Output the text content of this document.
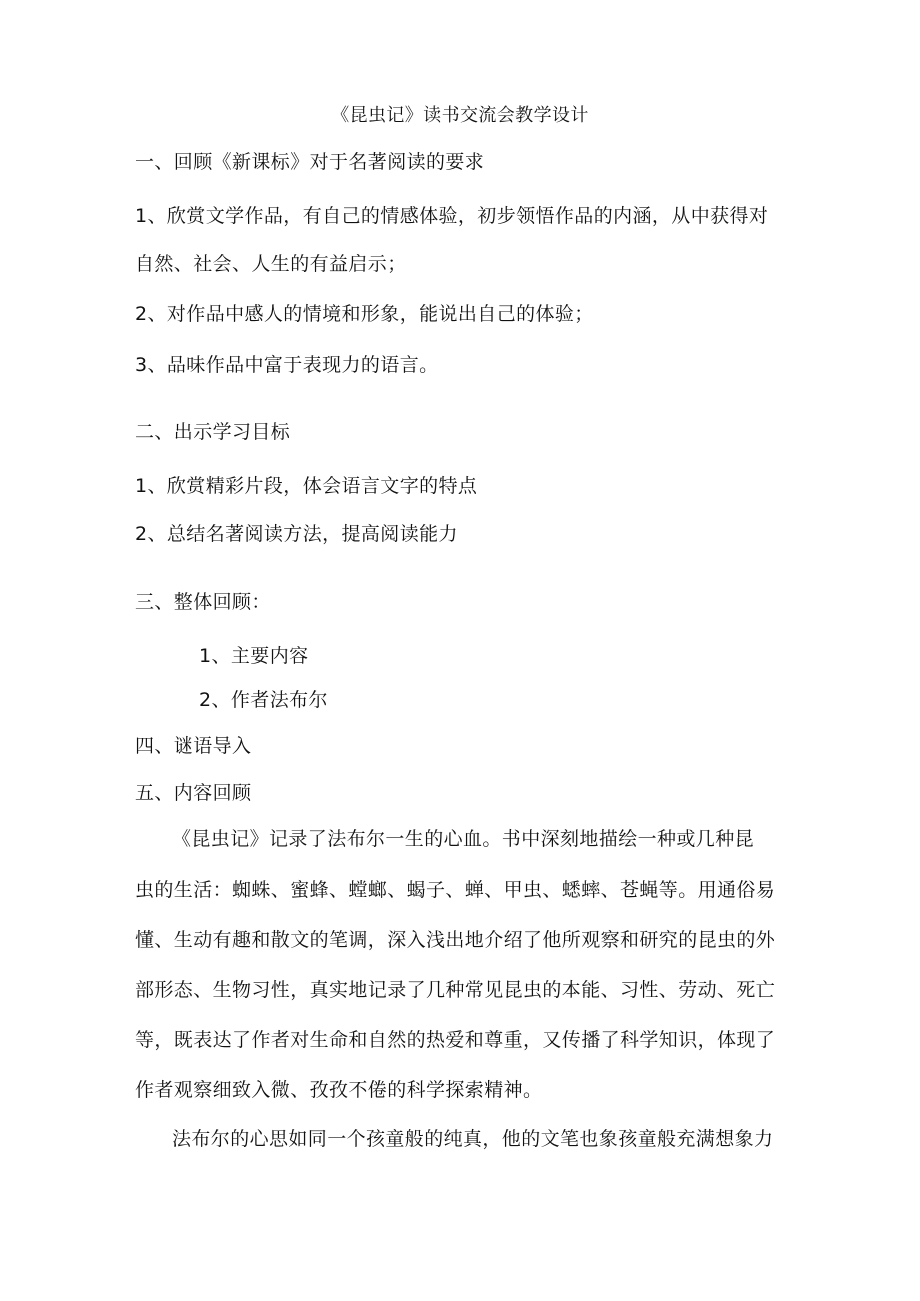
《昆虫记》读书交流会教学设计
一、回顾《新课标》对于名著阅读的要求
1、欣赏文学作品，有自己的情感体验，初步领悟作品的内涵，从中获得对
自然、社会、人生的有益启示；
2、对作品中感人的情境和形象，能说出自己的体验；
3、品味作品中富于表现力的语言。
二、出示学习目标
1、欣赏精彩片段，体会语言文字的特点
2、总结名著阅读方法，提高阅读能力
三、整体回顾：
1、主要内容
2、作者法布尔
四、谜语导入
五、内容回顾
《昆虫记》记录了法布尔一生的心血。书中深刻地描绘一种或几种昆
虫的生活：蜘蛛、蜜蜂、螳螂、蝎子、蝉、甲虫、蟋蟀、苍蝇等。用通俗易
懂、生动有趣和散文的笔调，深入浅出地介绍了他所观察和研究的昆虫的外
部形态、生物习性，真实地记录了几种常见昆虫的本能、习性、劳动、死亡
等，既表达了作者对生命和自然的热爱和尊重，又传播了科学知识，体现了
作者观察细致入微、孜孜不倦的科学探索精神。
法布尔的心思如同一个孩童般的纯真，他的文笔也象孩童般充满想象力
